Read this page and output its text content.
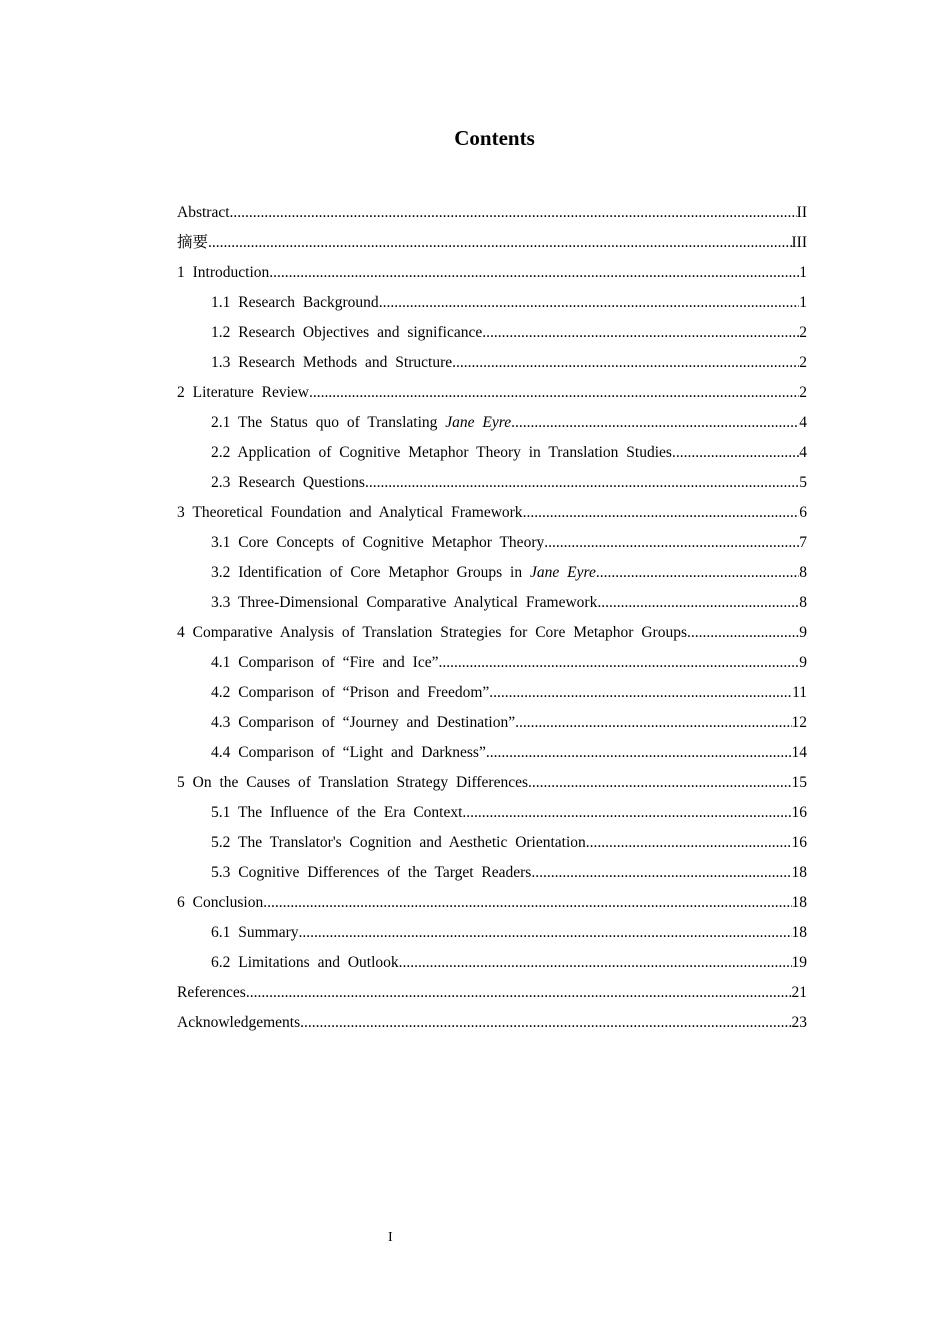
Contents
Abstract .....	II
摘要 .....	III
1 Introduction .....	1
1.1 Research Background .....	1
1.2 Research Objectives and significance .....	2
1.3 Research Methods and Structure .....	2
2 Literature Review .....	2
2.1 The Status quo of Translating Jane Eyre .....	4
2.2 Application of Cognitive Metaphor Theory in Translation Studies .....	4
2.3 Research Questions .....	5
3 Theoretical Foundation and Analytical Framework .....	6
3.1 Core Concepts of Cognitive Metaphor Theory .....	7
3.2 Identification of Core Metaphor Groups in Jane Eyre .....	8
3.3 Three-Dimensional Comparative Analytical Framework .....	8
4 Comparative Analysis of Translation Strategies for Core Metaphor Groups .....	9
4.1 Comparison of “Fire and Ice” .....	9
4.2 Comparison of “Prison and Freedom” .....	11
4.3 Comparison of “Journey and Destination” .....	12
4.4 Comparison of “Light and Darkness” .....	14
5 On the Causes of Translation Strategy Differences .....	15
5.1 The Influence of the Era Context .....	16
5.2 The Translator's Cognition and Aesthetic Orientation .....	16
5.3 Cognitive Differences of the Target Readers .....	18
6 Conclusion .....	18
6.1 Summary .....	18
6.2 Limitations and Outlook .....	19
References .....	21
Acknowledgements .....	23
I
